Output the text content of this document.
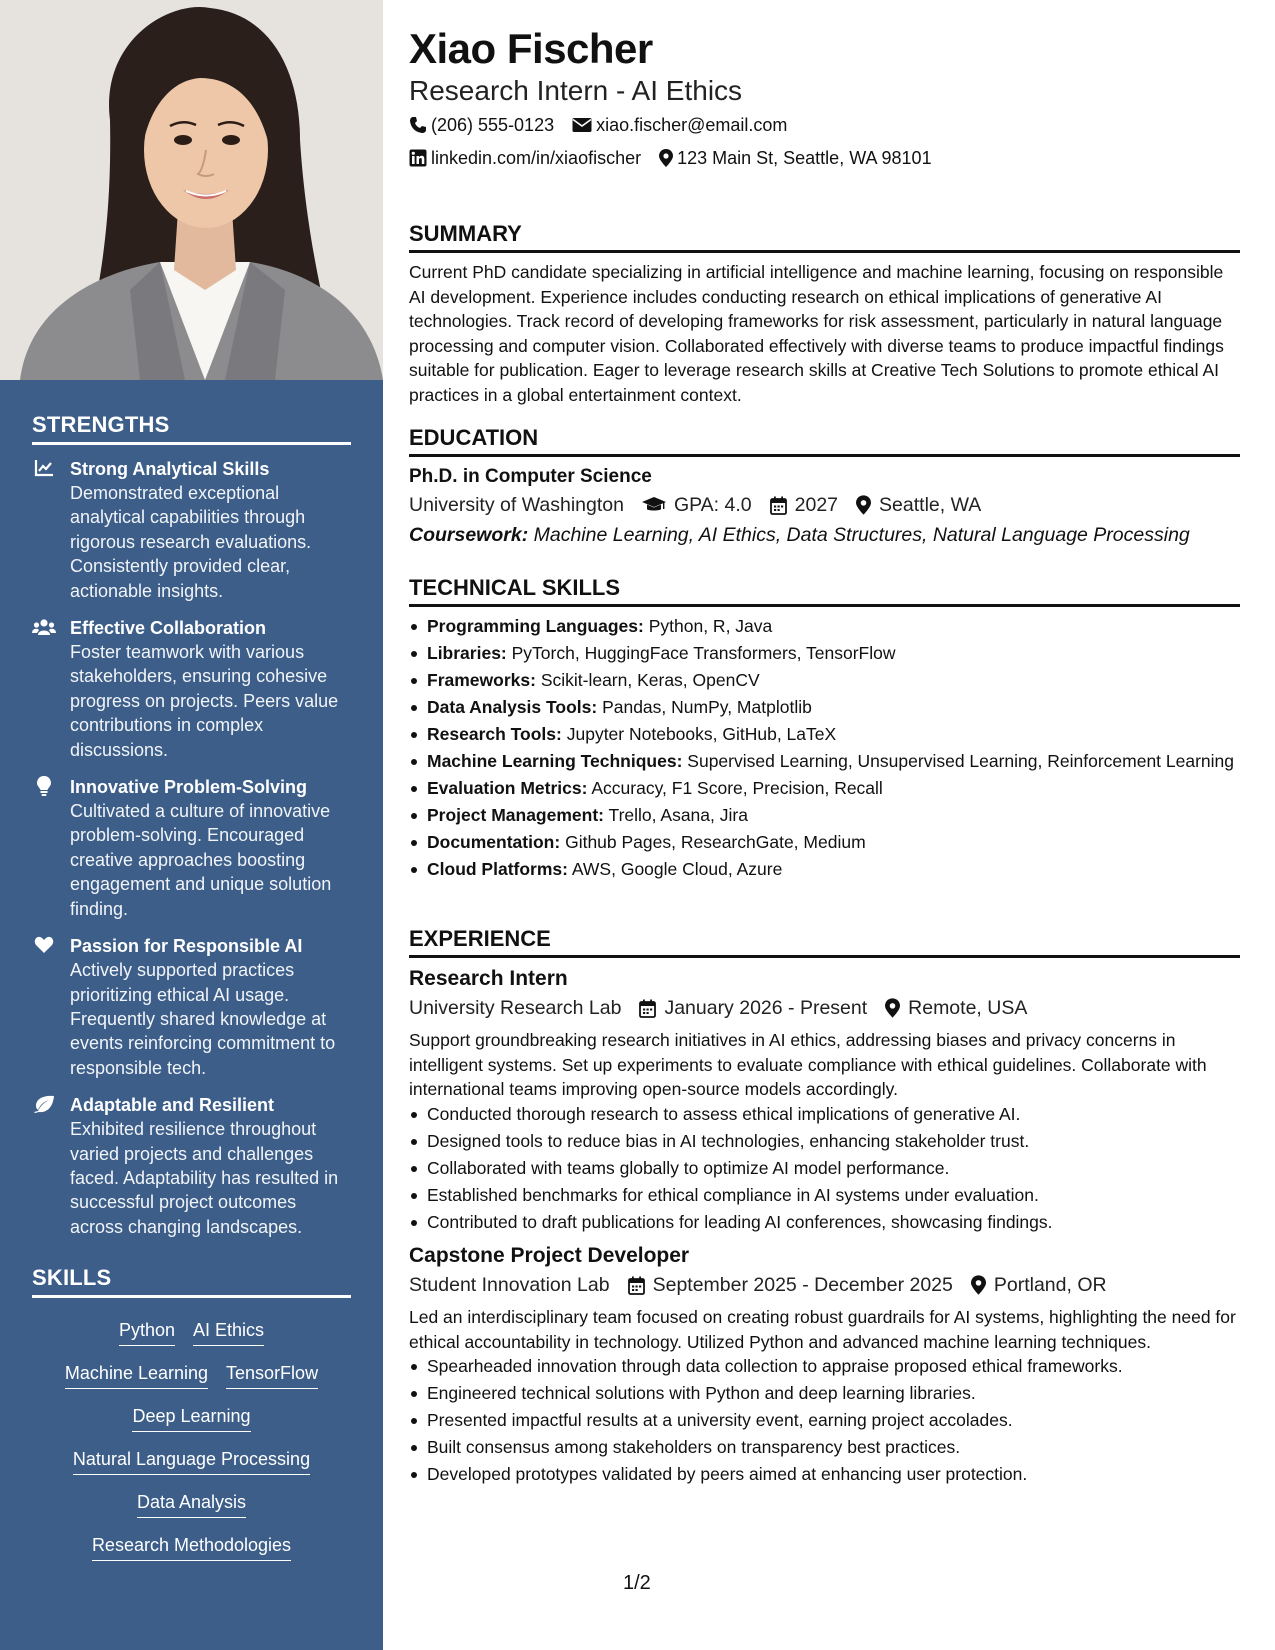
STRENGTHS
Strong Analytical Skills
Demonstrated exceptional analytical capabilities through rigorous research evaluations. Consistently provided clear, actionable insights.
Effective Collaboration
Foster teamwork with various stakeholders, ensuring cohesive progress on projects. Peers value contributions in complex discussions.
Innovative Problem-Solving
Cultivated a culture of innovative problem-solving. Encouraged creative approaches boosting engagement and unique solution finding.
Passion for Responsible AI
Actively supported practices prioritizing ethical AI usage. Frequently shared knowledge at events reinforcing commitment to responsible tech.
Adaptable and Resilient
Exhibited resilience throughout varied projects and challenges faced. Adaptability has resulted in successful project outcomes across changing landscapes.
SKILLS
Python AI Ethics
Machine Learning TensorFlow
Deep Learning
Natural Language Processing
Data Analysis
Research Methodologies
Xiao Fischer
Research Intern - AI Ethics
(206) 555-0123 xiao.fischer@email.com
linkedin.com/in/xiaofischer 123 Main St, Seattle, WA 98101
SUMMARY
Current PhD candidate specializing in artificial intelligence and machine learning, focusing on responsible AI development. Experience includes conducting research on ethical implications of generative AI technologies. Track record of developing frameworks for risk assessment, particularly in natural language processing and computer vision. Collaborated effectively with diverse teams to produce impactful findings suitable for publication. Eager to leverage research skills at Creative Tech Solutions to promote ethical AI practices in a global entertainment context.
EDUCATION
Ph.D. in Computer Science
University of Washington	GPA: 4.0 2027 Seattle, WA
Coursework: Machine Learning, AI Ethics, Data Structures, Natural Language Processing
TECHNICAL SKILLS
Programming Languages: Python, R, Java
Libraries: PyTorch, HuggingFace Transformers, TensorFlow
Frameworks: Scikit-learn, Keras, OpenCV
Data Analysis Tools: Pandas, NumPy, Matplotlib
Research Tools: Jupyter Notebooks, GitHub, LaTeX
Machine Learning Techniques: Supervised Learning, Unsupervised Learning, Reinforcement Learning
Evaluation Metrics: Accuracy, F1 Score, Precision, Recall
Project Management: Trello, Asana, Jira
Documentation: Github Pages, ResearchGate, Medium
Cloud Platforms: AWS, Google Cloud, Azure
EXPERIENCE
Research Intern
University Research Lab January 2026 - Present Remote, USA
Support groundbreaking research initiatives in AI ethics, addressing biases and privacy concerns in intelligent systems. Set up experiments to evaluate compliance with ethical guidelines. Collaborate with international teams improving open-source models accordingly.
Conducted thorough research to assess ethical implications of generative AI.
Designed tools to reduce bias in AI technologies, enhancing stakeholder trust.
Collaborated with teams globally to optimize AI model performance.
Established benchmarks for ethical compliance in AI systems under evaluation.
Contributed to draft publications for leading AI conferences, showcasing findings.
Capstone Project Developer
Student Innovation Lab September 2025 - December 2025 Portland, OR
Led an interdisciplinary team focused on creating robust guardrails for AI systems, highlighting the need for ethical accountability in technology. Utilized Python and advanced machine learning techniques.
Spearheaded innovation through data collection to appraise proposed ethical frameworks.
Engineered technical solutions with Python and deep learning libraries.
Presented impactful results at a university event, earning project accolades.
Built consensus among stakeholders on transparency best practices.
Developed prototypes validated by peers aimed at enhancing user protection.
1/2
